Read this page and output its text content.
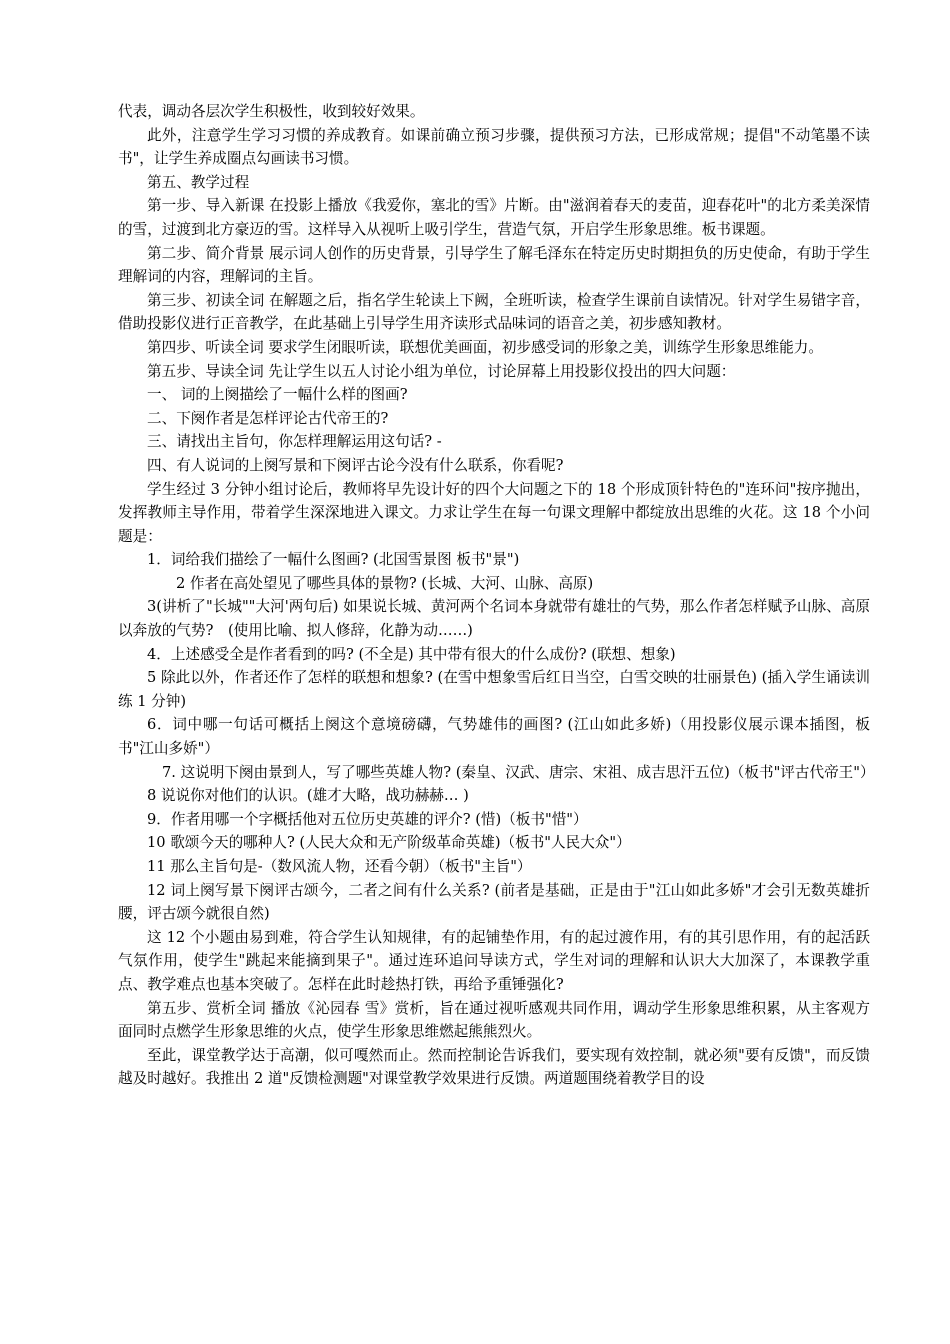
代表，调动各层次学生积极性，收到较好效果。

此外，注意学生学习习惯的养成教育。如课前确立预习步骤，提供预习方法，已形成常规；提倡"不动笔墨不读书"，让学生养成圈点勾画读书习惯。

第五、教学过程

第一步、导入新课 在投影上播放《我爱你，塞北的雪》片断。由"滋润着春天的麦苗，迎春花叶"的北方柔美深情的雪，过渡到北方豪迈的雪。这样导入从视听上吸引学生，营造气氛，开启学生形象思维。板书课题。

第二步、简介背景 展示词人创作的历史背景，引导学生了解毛泽东在特定历史时期担负的历史使命，有助于学生理解词的内容，理解词的主旨。

第三步、初读全词 在解题之后，指名学生轮读上下阙，全班听读，检查学生课前自读情况。针对学生易错字音，借助投影仪进行正音教学，在此基础上引导学生用齐读形式品味词的语音之美，初步感知教材。

第四步、听读全词 要求学生闭眼听读，联想优美画面，初步感受词的形象之美，训练学生形象思维能力。

第五步、导读全词 先让学生以五人讨论小组为单位，讨论屏幕上用投影仪投出的四大问题：

一、 词的上阕描绘了一幅什么样的图画?

二、下阕作者是怎样评论古代帝王的?

三、请找出主旨句，你怎样理解运用这句话? -

四、有人说词的上阕写景和下阕评古论今没有什么联系，你看呢?

学生经过 3 分钟小组讨论后，教师将早先设计好的四个大问题之下的 18 个形成顶针特色的"连环问"按序抛出，发挥教师主导作用，带着学生深深地进入课文。力求让学生在每一句课文理解中都绽放出思维的火花。这 18 个小问题是：

1．词给我们描绘了一幅什么图画? (北国雪景图 板书"景")

2 作者在高处望见了哪些具体的景物? (长城、大河、山脉、高原)

3(讲析了"长城""大河'两句后) 如果说长城、黄河两个名词本身就带有雄壮的气势，那么作者怎样赋予山脉、高原以奔放的气势?　(使用比喻、拟人修辞，化静为动……)

4．上述感受全是作者看到的吗? (不全是) 其中带有很大的什么成份? (联想、想象)

5 除此以外，作者还作了怎样的联想和想象? (在雪中想象雪后红日当空，白雪交映的壮丽景色) (插入学生诵读训练 1 分钟)

6．词中哪一句话可概括上阕这个意境磅礴，气势雄伟的画图? (江山如此多娇)（用投影仪展示课本插图，板书"江山多娇"）

7. 这说明下阕由景到人，写了哪些英雄人物? (秦皇、汉武、唐宗、宋祖、成吉思汗五位)（板书"评古代帝王"）

8 说说你对他们的认识。(雄才大略，战功赫赫… )

9．作者用哪一个字概括他对五位历史英雄的评介? (惜)（板书"惜"）

10 歌颂今天的哪种人? (人民大众和无产阶级革命英雄)（板书"人民大众"）

11 那么主旨句是-（数风流人物，还看今朝）（板书"主旨"）

12 词上阕写景下阕评古颂今，二者之间有什么关系? (前者是基础，正是由于"江山如此多娇"才会引无数英雄折腰，评古颂今就很自然)

这 12 个小题由易到难，符合学生认知规律，有的起铺垫作用，有的起过渡作用，有的其引思作用，有的起活跃气氛作用，使学生"跳起来能摘到果子"。通过连环追问导读方式，学生对词的理解和认识大大加深了，本课教学重点、教学难点也基本突破了。怎样在此时趁热打铁，再给予重锤强化?

第五步、赏析全词 播放《沁园春 雪》赏析，旨在通过视听感观共同作用，调动学生形象思维积累，从主客观方面同时点燃学生形象思维的火点，使学生形象思维燃起熊熊烈火。

至此，课堂教学达于高潮，似可嘎然而止。然而控制论告诉我们，要实现有效控制，就必须"要有反馈"，而反馈越及时越好。我推出 2 道"反馈检测题"对课堂教学效果进行反馈。两道题围绕着教学目的设
